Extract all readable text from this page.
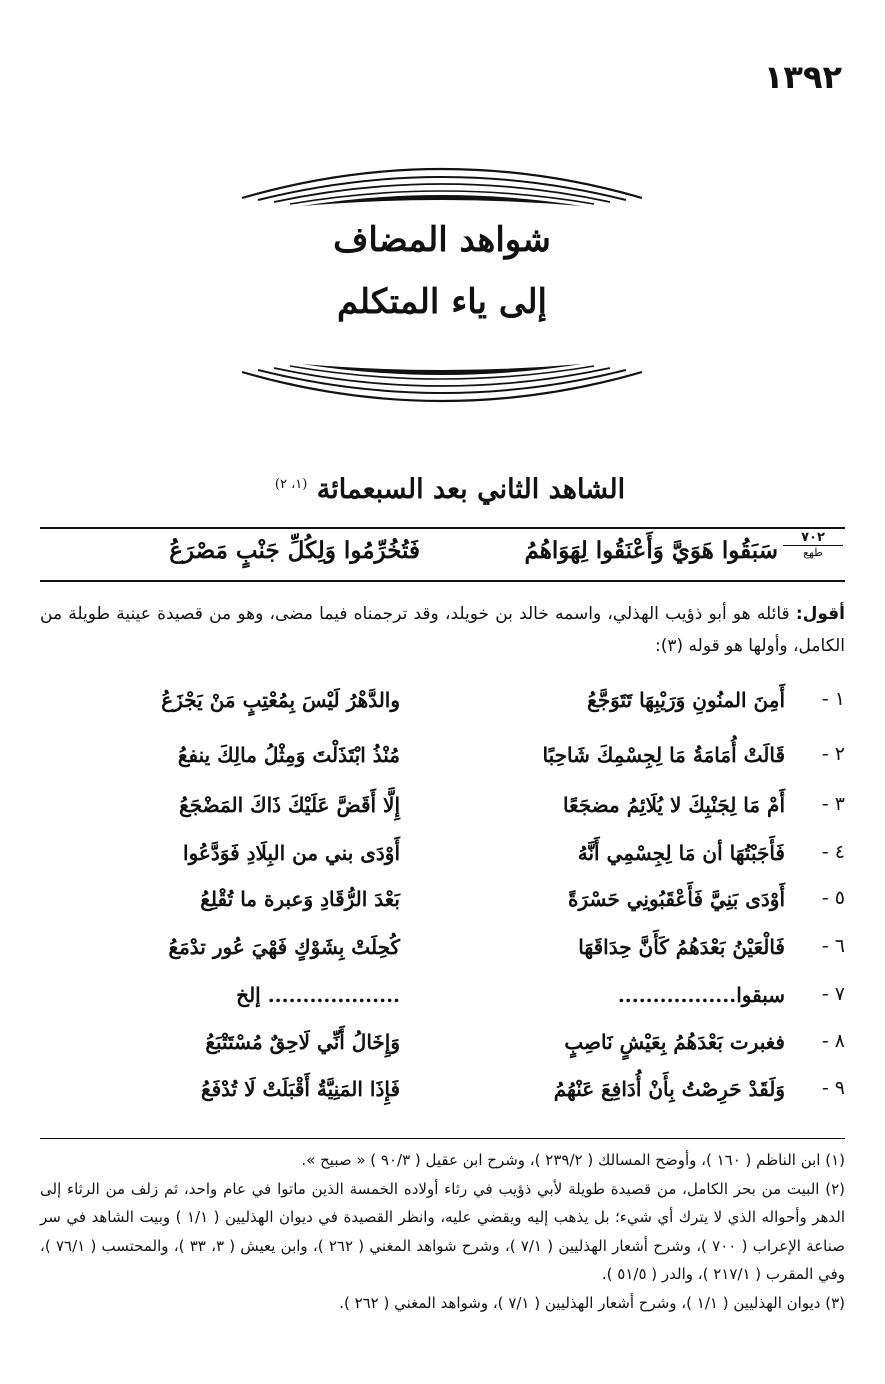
١٣٩٢
شواهد المضاف
إلى ياء المتكلم
الشاهد الثاني بعد السبعمائة $^{(١، ٢)}$
٧٠٢
طهع
سَبَقُوا هَوَيَّ وَأَعْنَقُوا لِهَوَاهُمُ
فَتُخُرِّمُوا وَلِكُلِّ جَنْبٍ مَصْرَعُ
أقول: قائله هو أبو ذؤيب الهذلي، واسمه خالد بن خويلد، وقد ترجمناه فيما مضى، وهو من قصيدة عينية طويلة من الكامل، وأولها هو قوله (٣):
١ -
أَمِنَ المنُونِ وَرَيْبِهَا تَتَوَجَّعُ
والدَّهْرُ لَيْسَ بِمُعْتِبٍ مَنْ يَجْزَعُ
٢ -
قَالَتْ أُمَامَةُ مَا لِجِسْمِكَ شَاحِبًا
مُنْذُ ابْتَذَلْتَ وَمِثْلُ مالِكَ ينفعُ
٣ -
أَمْ مَا لِجَنْبِكَ لا يُلَائِمُ مضجَعًا
إِلَّا أَقَضَّ عَلَيْكَ ذَاكَ المَضْجَعُ
٤ -
فَأَجَبْتُهَا أن مَا لِجِسْمِي أَنَّهُ
أَوْدَى بني من البِلَادِ فَوَدَّعُوا
٥ -
أَوْدَى بَنِيَّ فَأَعْقَبُونِي حَسْرَةً
بَعْدَ الرُّقَادِ وَعبرة ما تُقْلِعُ
٦ -
فَالْعَيْنُ بَعْدَهُمُ كَأَنَّ حِدَاقَهَا
كُحِلَتْ بِشَوْكٍ فَهْيَ عُور تدْمَعُ
٧ -
سبقوا.................
................... إلخ
٨ -
فغبرت بَعْدَهُمُ بِعَيْشٍ نَاصِبٍ
وَإِخَالُ أَنِّي لَاحِقٌ مُسْتَتْبَعُ
٩ -
وَلَقَدْ حَرِصْتُ بِأَنْ أُدَافِعَ عَنْهُمُ
فَإِذَا المَنِيَّةُ أَقْبَلَتْ لَا تُدْفَعُ

(١) ابن الناظم ( ١٦٠ )، وأوضح المسالك ( ٢٣٩/٢ )، وشرح ابن عقيل ( ٩٠/٣ ) « صبيح ».

(٢) البيت من بحر الكامل، من قصيدة طويلة لأبي ذؤيب في رثاء أولاده الخمسة الذين ماتوا في عام واحد، ثم زلف من الرثاء إلى الدهر وأحواله الذي لا يترك أي شيء؛ بل يذهب إليه ويقضي عليه، وانظر القصيدة في ديوان الهذليين ( ١/١ ) وبيت الشاهد في سر صناعة الإعراب ( ٧٠٠ )، وشرح أشعار الهذليين ( ٧/١ )، وشرح شواهد المغني ( ٢٦٢ )، وابن يعيش ( ٣، ٣٣ )، والمحتسب ( ٧٦/١ )، وفي المقرب ( ٢١٧/١ )، والدر ( ٥١/٥ ).

(٣) ديوان الهذليين ( ١/١ )، وشرح أشعار الهذليين ( ٧/١ )، وشواهد المغني ( ٢٦٢ ).
